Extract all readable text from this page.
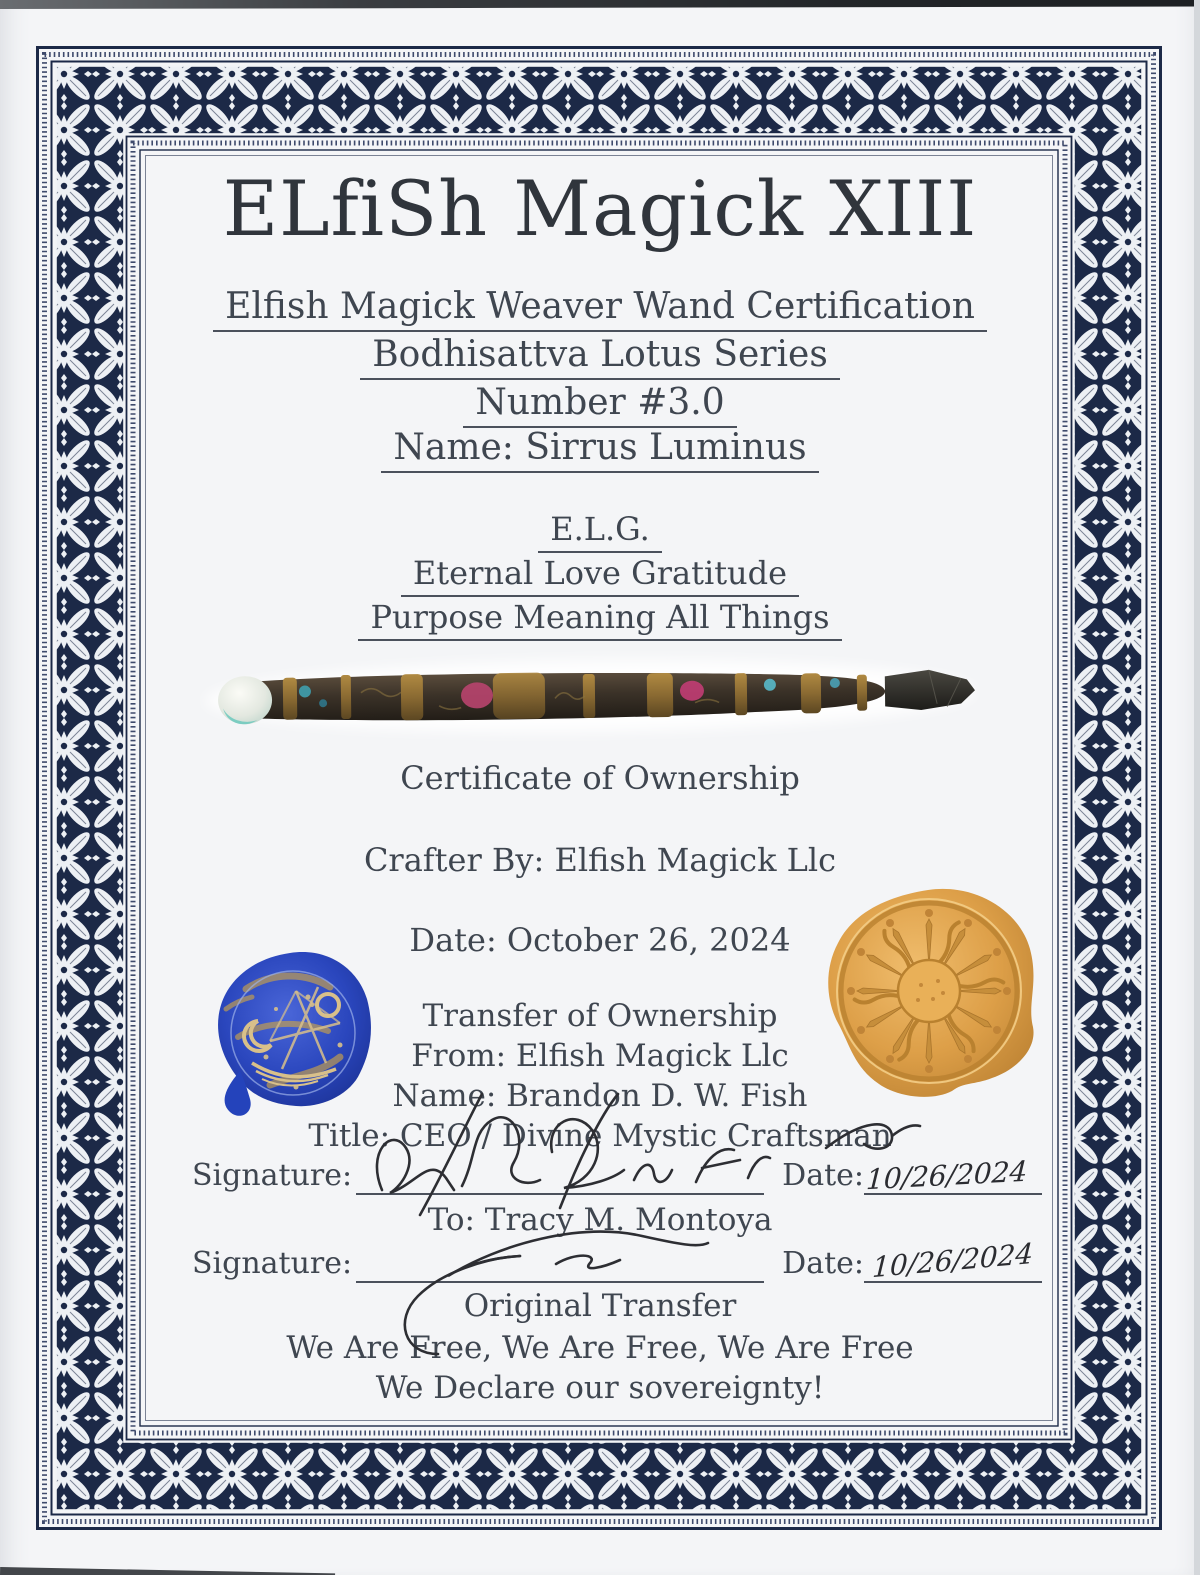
ELfiSh Magick XIII
Elfish Magick Weaver Wand Certification
Bodhisattva Lotus Series
Number #3.0
Name: Sirrus Luminus
E.L.G.
Eternal Love Gratitude
Purpose Meaning All Things
Certificate of Ownership
Crafter By: Elfish Magick Llc
Date: October 26, 2024
Transfer of Ownership
From: Elfish Magick Llc
Name: Brandon D. W. Fish
Title: CEO / Divine Mystic Craftsman
Signature:	Date: 10/26/2024
To: Tracy M. Montoya
Signature:	Date: 10/26/2024
Original Transfer
We Are Free, We Are Free, We Are Free
We Declare our sovereignty!
